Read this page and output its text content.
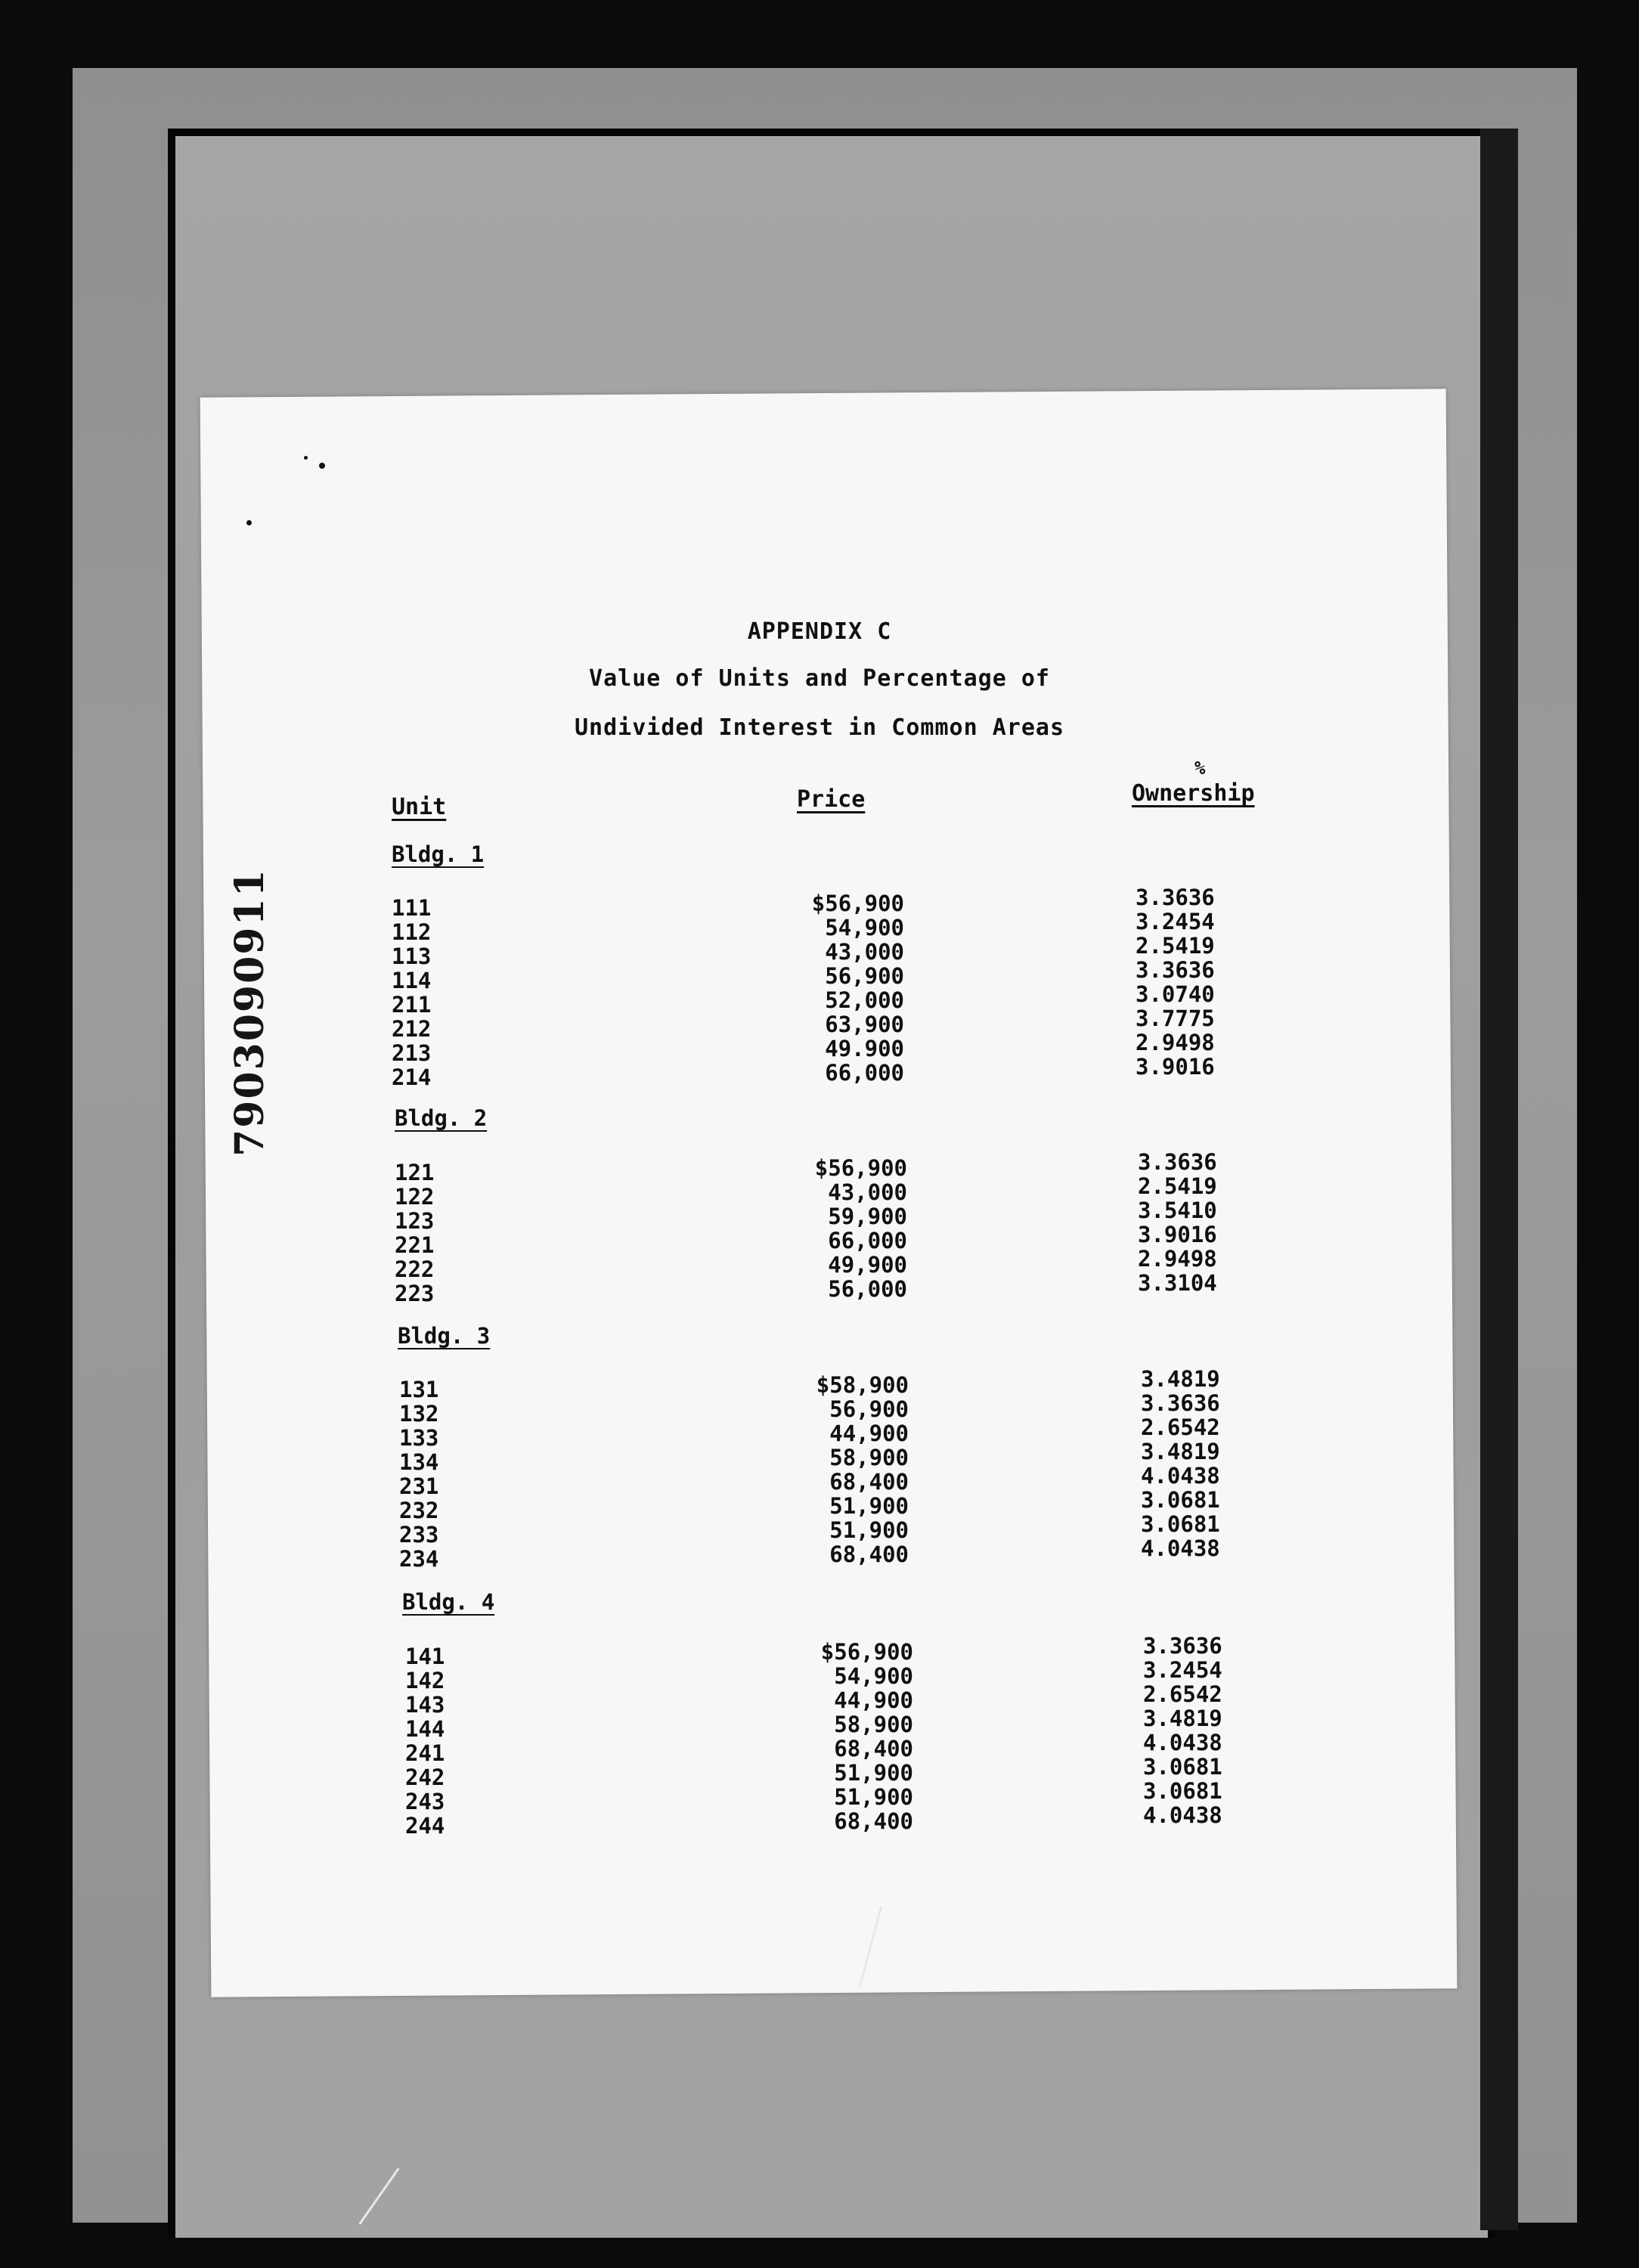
7903090911
APPENDIX C
Value of Units and Percentage of
Undivided Interest in Common Areas
Unit	Price
%
Ownership
Bldg. 1
111	$56,900	3.3636
112	54,900	3.2454
113	43,000	2.5419
114	56,900	3.3636
211	52,000	3.0740
212	63,900	3.7775
213	49.900	2.9498
214	66,000	3.9016
Bldg. 2
121	$56,900	3.3636
122	43,000	2.5419
123	59,900	3.5410
221	66,000	3.9016
222	49,900	2.9498
223	56,000	3.3104
Bldg. 3
131	$58,900	3.4819
132	56,900	3.3636
133	44,900	2.6542
134	58,900	3.4819
231	68,400	4.0438
232	51,900	3.0681
233	51,900	3.0681
234	68,400	4.0438
Bldg. 4
141	$56,900	3.3636
142	54,900	3.2454
143	44,900	2.6542
144	58,900	3.4819
241	68,400	4.0438
242	51,900	3.0681
243	51,900	3.0681
244	68,400	4.0438
